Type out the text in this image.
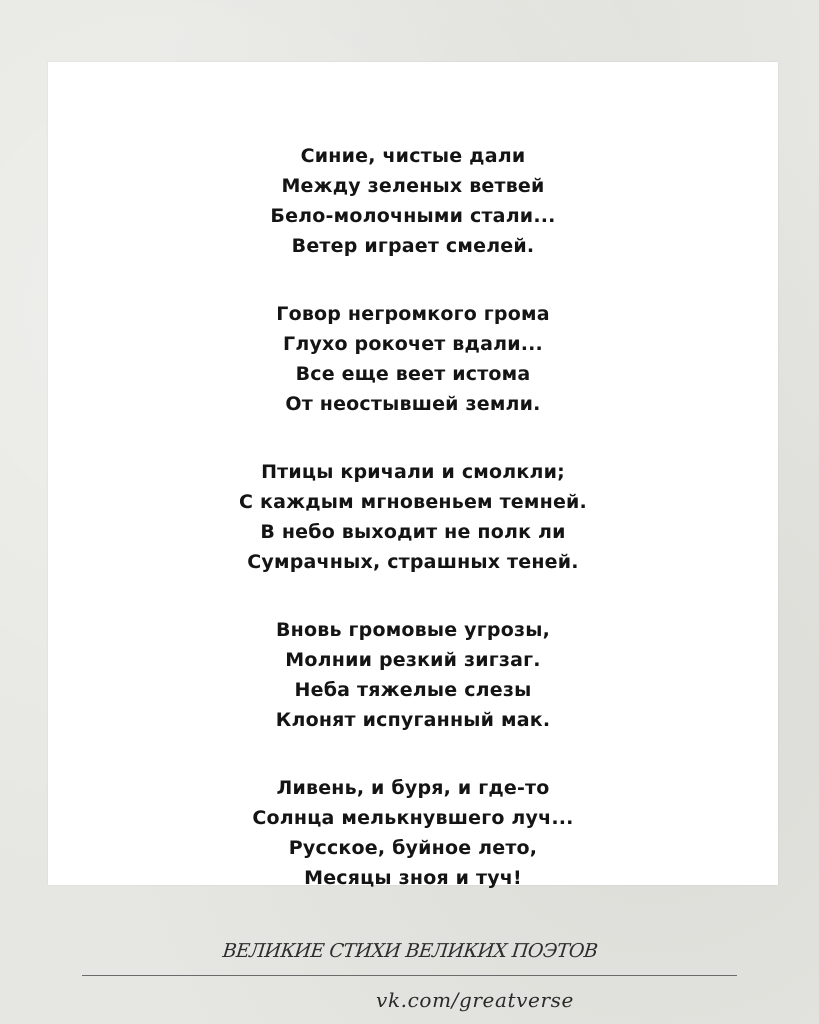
Синие, чистые дали
Между зеленых ветвей
Бело-молочными стали...
Ветер играет смелей.
Говор негромкого грома
Глухо рокочет вдали...
Все еще веет истома
От неостывшей земли.
Птицы кричали и смолкли;
С каждым мгновеньем темней.
В небо выходит не полк ли
Сумрачных, страшных теней.
Вновь громовые угрозы,
Молнии резкий зигзаг.
Неба тяжелые слезы
Клонят испуганный мак.
Ливень, и буря, и где-то
Солнца мелькнувшего луч...
Русское, буйное лето,
Месяцы зноя и туч!
ВЕЛИКИЕ СТИХИ ВЕЛИКИХ ПОЭТОВ
vk.com/greatverse
